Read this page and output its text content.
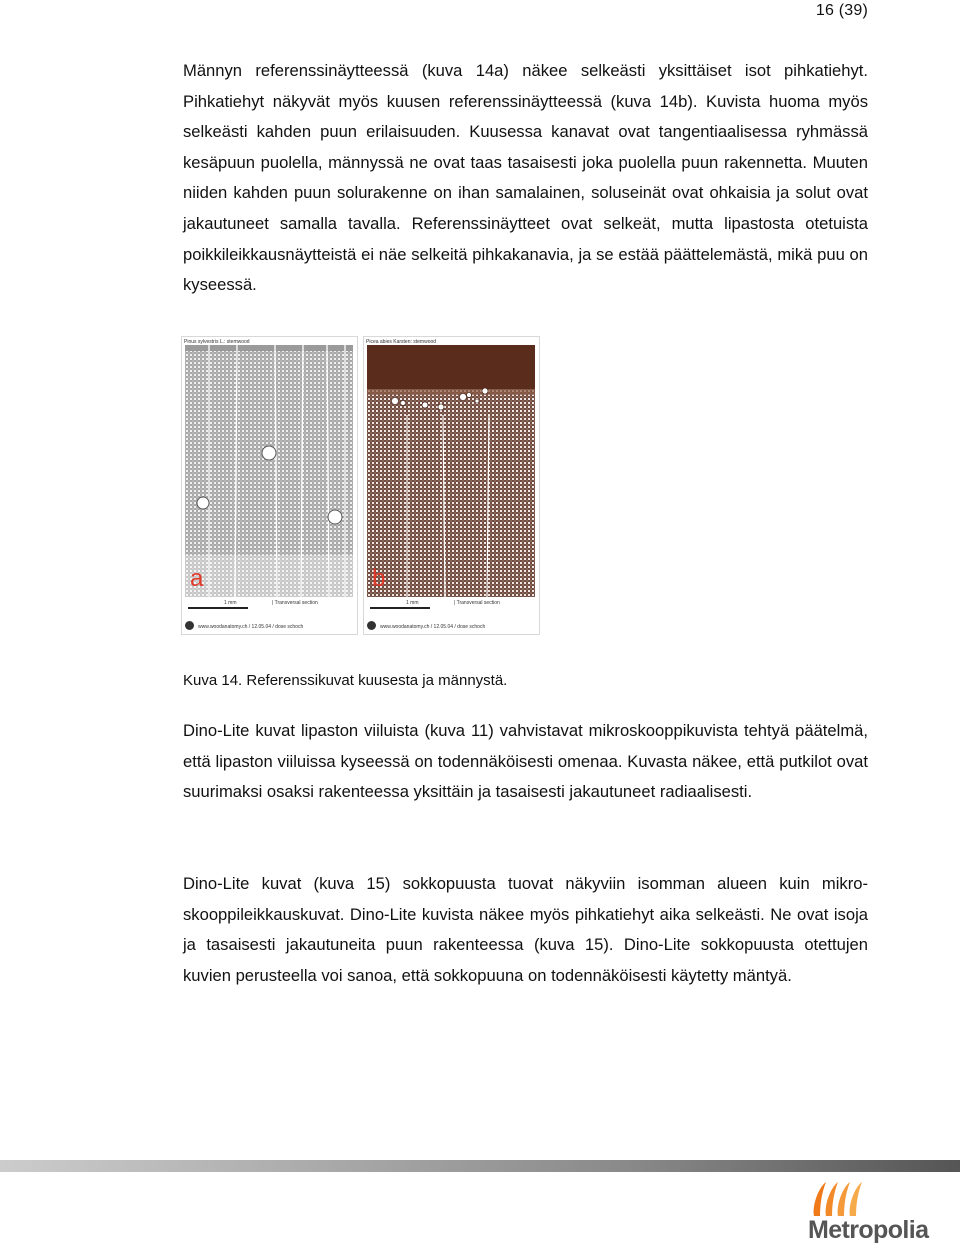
16 (39)

Männyn referenssinäytteessä (kuva 14a) näkee selkeästi yksittäiset isot pihkatiehyt. Pihkatiehyt näkyvät myös kuusen referenssinäytteessä (kuva 14b). Kuvista huoma myös selkeästi kahden puun erilaisuuden. Kuusessa kanavat ovat tangentiaalisessa ryhmässä kesäpuun puolella, männyssä ne ovat taas tasaisesti joka puolella puun rakennetta. Muuten niiden kahden puun solurakenne on ihan samalainen, soluseinät ovat ohkaisia ja solut ovat jakautuneet samalla tavalla. Referenssinäytteet ovat selkeät, mutta lipastosta otetuista poikkileikkausnäytteistä ei näe selkeitä pihkakanavia, ja se estää päättelemästä, mikä puu on kyseessä.

Pinus sylvestris L.: stemwood
a
1 mm	| Transversal section
www.woodanatomy.ch / 12.05.04 / dose schoch
Picea abies Karsten: stemwood
b
1 mm	| Transversal section
www.woodanatomy.ch / 12.05.04 / dose schoch
Kuva 14. Referenssikuvat kuusesta ja männystä.

Dino-Lite kuvat lipaston viiluista (kuva 11) vahvistavat mikroskooppikuvista tehtyä päätelmä, että lipaston viiluissa kyseessä on todennäköisesti omenaa. Kuvasta näkee, että putkilot ovat suurimaksi osaksi rakenteessa yksittäin ja tasaisesti jakautuneet radiaalisesti.

Dino-Lite kuvat (kuva 15) sokkopuusta tuovat näkyviin isomman alueen kuin mikroskooppileikkauskuvat. Dino-Lite kuvista näkee myös pihkatiehyt aika selkeästi. Ne ovat isoja ja tasaisesti jakautuneita puun rakenteessa (kuva 15). Dino-Lite sokkopuusta otettujen kuvien perusteella voi sanoa, että sokkopuuna on todennäköisesti käytetty mäntyä.

Metropolia
